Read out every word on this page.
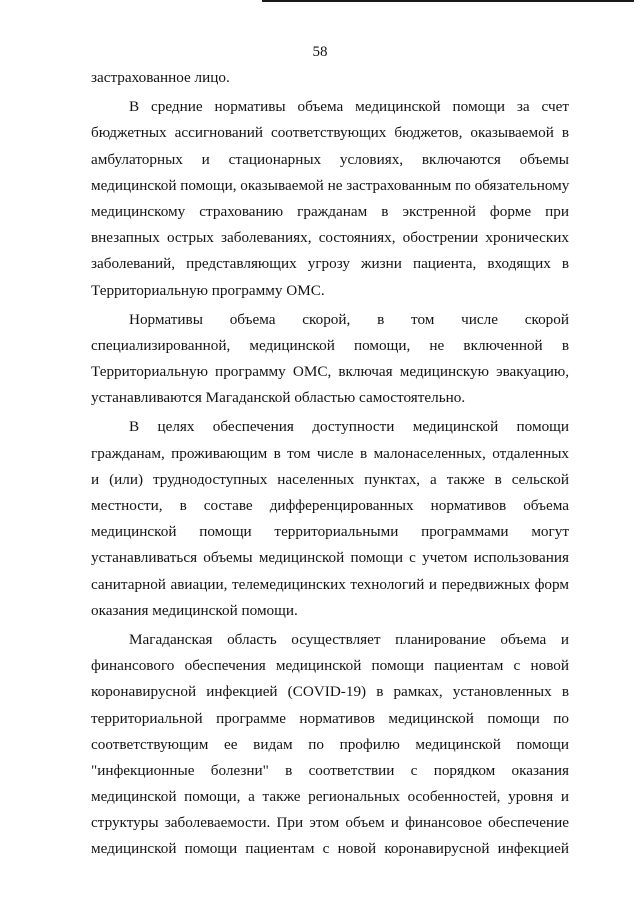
58
застрахованное лицо.
В средние нормативы объема медицинской помощи за счет
бюджетных ассигнований соответствующих бюджетов, оказываемой в
амбулаторных и стационарных условиях, включаются объемы
медицинской помощи, оказываемой не застрахованным по обязательному
медицинскому страхованию гражданам в экстренной форме при
внезапных острых заболеваниях, состояниях, обострении хронических
заболеваний, представляющих угрозу жизни пациента, входящих в
Территориальную программу ОМС.
Нормативы объема скорой, в том числе скорой
специализированной, медицинской помощи, не включенной в
Территориальную программу ОМС, включая медицинскую эвакуацию,
устанавливаются Магаданской областью самостоятельно.
В целях обеспечения доступности медицинской помощи
гражданам, проживающим в том числе в малонаселенных, отдаленных
и (или) труднодоступных населенных пунктах, а также в сельской
местности, в составе дифференцированных нормативов объема
медицинской помощи территориальными программами могут
устанавливаться объемы медицинской помощи с учетом использования
санитарной авиации, телемедицинских технологий и передвижных форм
оказания медицинской помощи.
Магаданская область осуществляет планирование объема и
финансового обеспечения медицинской помощи пациентам с новой
коронавирусной инфекцией (COVID-19) в рамках, установленных в
территориальной программе нормативов медицинской помощи по
соответствующим ее видам по профилю медицинской помощи
"инфекционные болезни" в соответствии с порядком оказания
медицинской помощи, а также региональных особенностей, уровня и
структуры заболеваемости. При этом объем и финансовое обеспечение
медицинской помощи пациентам с новой коронавирусной инфекцией
